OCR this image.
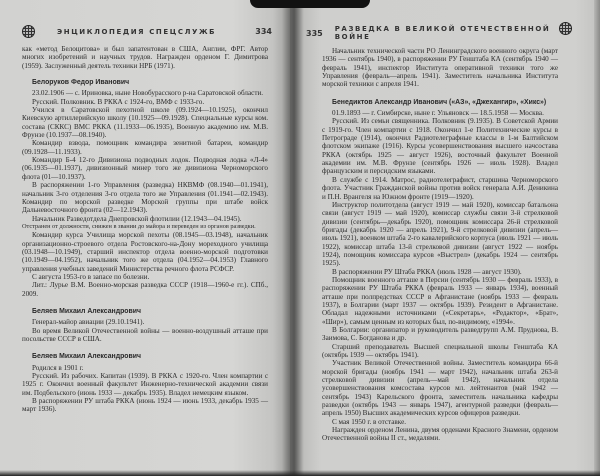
ЭНЦИКЛОПЕДИЯ СПЕЦСЛУЖБ	334

как «метод Белоцитова» и был запатентован в США, Англии, ФРГ. Автор многих изобретений и научных трудов. Награжден орденом Г. Димитрова (1959). Заслуженный деятель техники НРБ (1971).

Белоруков Федор Иванович

23.02.1906 — с. Ириновка, ныне Новобурасского р-на Саратовской области.

Русский. Полковник. В РККА с 1924-го, ВМФ с 1933-го.

Учился в Саратовской пехотной школе (09.1924—10.1925), окончил Киевскую артиллерийскую школу (10.1925—09.1928). Специальные курсы ком. состава (СККС) ВМС РККА (11.1933—06.1935), Военную академию им. М.В. Фрунзе (10.1937—08.1940).

Командир взвода, помощник командира зенитной батареи, командир (09.1928—11.1933).

Командир Б-4 12-го Дивизиона подводных лодок. Подводная лодка «Л-4» (06.1935—01.1937), дивизионный минер того же дивизиона Черноморского флота (01—10.1937).

В распоряжении 1-го Управления (разведка) НКВМФ (08.1940—01.1941), начальник 3-го отделения 3-го отдела того же Управления (01.1941—02.1943). Командир по морской разведке Морской группы при штабе войск Дальневосточного фронта (02—12.1943).

Начальник Разведотдела Днепровской флотилии (12.1943—04.1945).

Отстранен от должности, снижен в звании до майора и переведен из органов разведки.

Командир курса Училища морской пехоты (08.1945—03.1948), начальник организационно-строевого отдела Ростовского-на-Дону мореходного училища (03.1948—10.1949), старший инспектор отдела военно-морской подготовки (10.1949—04.1952), начальник того же отдела (04.1952—04.1953) Главного управления учебных заведений Министерства речного флота РСФСР.

С августа 1953-го в запасе по болезни.

Лит.: Лурье В.М. Военно-морская разведка СССР (1918—1960-е гг.). СПб., 2009.

Беляев Михаил Александрович

Генерал-майор авиации (29.10.1941).

Во время Великой Отечественной войны — военно-воздушный атташе при посольстве СССР в США.

Беляев Михаил Александрович

Родился в 1901 г.

Русский. Из рабочих. Капитан (1939). В РККА с 1920-го. Член компартии с 1925 г. Окончил военный факультет Инженерно-технической академии связи им. Подбельского (июнь 1933 — декабрь 1935). Владел немецким языком.

В распоряжении РУ штаба РККА (июнь 1924 — июнь 1933, декабрь 1935 — март 1936).

335 РАЗВЕДКА В ВЕЛИКОЙ ОТЕЧЕСТВЕННОЙ ВОЙНЕ

Начальник технической части РО Ленинградского военного округа (март 1936 — сентябрь 1940), в распоряжении РУ Генштаба КА (сентябрь 1940 — февраль 1941), инспектор Института оперативной техники того же Управления (февраль—апрель 1941). Заместитель начальника Института морской техники с апреля 1941.

Бенедиктов Александр Иванович («АЗ», «Джехангир», «Хикс»)

01.9.1893 — г. Симбирске, ныне г. Ульяновск — 18.5.1958 — Москва.

Русский. Из семьи священника. Полковник (9.1935). В Советской Армии с 1919-го. Член компартии с 1918. Окончил 1-е Политехнические курсы в Петрограде (1914), окончил Радиотелеграфные классы в 1-м Балтийском флотском экипаже (1916). Курсы усовершенствования высшего начсостава РККА (октябрь 1925 — август 1926), восточный факультет Военной академии им. М.В. Фрунзе (сентябрь 1926 — июль 1928). Владел французским и персидским языками.

В службе с 1914. Матрос, радиотелеграфист, старшина Черноморского флота. Участник Гражданской войны против войск генерала А.И. Деникина и П.Н. Врангеля на Южном фронте (1919—1920).

Инструктор политотдела (август 1919 — май 1920), комиссар батальона связи (август 1919 — май 1920), комиссар службы связи 3-й стрелковой дивизии (сентябрь—декабрь 1920), помощник комиссара 26-й стрелковой бригады (декабрь 1920 — апрель 1921), 9-й стрелковой дивизии (апрель—июль 1921), военком штаба 2-го кавалерийского корпуса (июль 1921 — июль 1922), комиссар штаба 13-й стрелковой дивизии (август 1922 — ноябрь 1924), помощник комиссара курсов «Выстрел» (декабрь 1924 — сентябрь 1925).

В распоряжении РУ Штаба РККА (июль 1928 — август 1930).

Помощник военного атташе в Персии (сентябрь 1930 — февраль 1933), в распоряжении РУ Штаба РККА (февраль 1933 — январь 1934), военный атташе при полпредствах СССР в Афганистане (ноябрь 1933 — февраль 1937), в Болгарии (март 1937 — октябрь 1939). Резидент в Афганистане. Обладал надежными источниками («Секретарь», «Редактор», «Брат», «Шир»), самым ценным из которых был, по-видимому, «1994».

В Болгарии: организатор и руководитель разведгрупп А.М. Пруднова, В. Заимова, С. Богданова и др.

Старший преподаватель Высшей специальной школы Генштаба КА (октябрь 1939 — октябрь 1941).

Участник Великой Отечественной войны. Заместитель командира 66-й морской бригады (ноябрь 1941 — март 1942), начальник штаба 263-й стрелковой дивизии (апрель—май 1942), начальник отдела усовершенствования комсостава курсов мл. лейтенантов (май 1942 — сентябрь 1943) Карельского фронта, заместитель начальника кафедры разведки (октябрь 1943 — январь 1947), агентурной разведки (февраль—апрель 1950) Высших академических курсов офицеров разведки.

С мая 1950 г. в отставке.

Награжден орденом Ленина, двумя орденами Красного Знамени, орденом Отечественной войны II ст., медалями.
